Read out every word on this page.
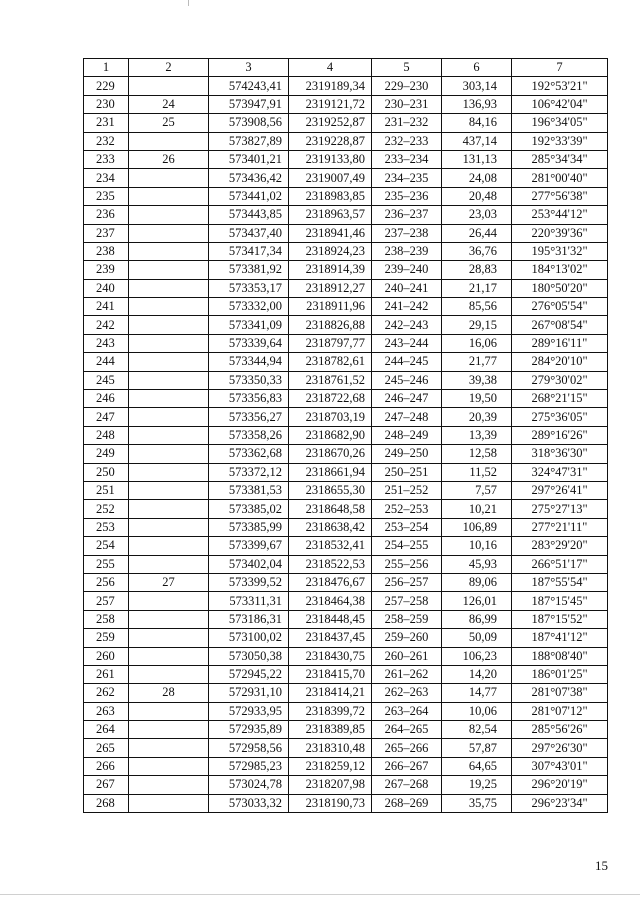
1	2	3	4	5	6	7
229		574243,41	2319189,34	229–230	303,14	192°53'21"
230	24	573947,91	2319121,72	230–231	136,93	106°42'04"
231	25	573908,56	2319252,87	231–232	84,16	196°34'05"
232		573827,89	2319228,87	232–233	437,14	192°33'39"
233	26	573401,21	2319133,80	233–234	131,13	285°34'34"
234		573436,42	2319007,49	234–235	24,08	281°00'40"
235		573441,02	2318983,85	235–236	20,48	277°56'38"
236		573443,85	2318963,57	236–237	23,03	253°44'12"
237		573437,40	2318941,46	237–238	26,44	220°39'36"
238		573417,34	2318924,23	238–239	36,76	195°31'32"
239		573381,92	2318914,39	239–240	28,83	184°13'02"
240		573353,17	2318912,27	240–241	21,17	180°50'20"
241		573332,00	2318911,96	241–242	85,56	276°05'54"
242		573341,09	2318826,88	242–243	29,15	267°08'54"
243		573339,64	2318797,77	243–244	16,06	289°16'11"
244		573344,94	2318782,61	244–245	21,77	284°20'10"
245		573350,33	2318761,52	245–246	39,38	279°30'02"
246		573356,83	2318722,68	246–247	19,50	268°21'15"
247		573356,27	2318703,19	247–248	20,39	275°36'05"
248		573358,26	2318682,90	248–249	13,39	289°16'26"
249		573362,68	2318670,26	249–250	12,58	318°36'30"
250		573372,12	2318661,94	250–251	11,52	324°47'31"
251		573381,53	2318655,30	251–252	7,57	297°26'41"
252		573385,02	2318648,58	252–253	10,21	275°27'13"
253		573385,99	2318638,42	253–254	106,89	277°21'11"
254		573399,67	2318532,41	254–255	10,16	283°29'20"
255		573402,04	2318522,53	255–256	45,93	266°51'17"
256	27	573399,52	2318476,67	256–257	89,06	187°55'54"
257		573311,31	2318464,38	257–258	126,01	187°15'45"
258		573186,31	2318448,45	258–259	86,99	187°15'52"
259		573100,02	2318437,45	259–260	50,09	187°41'12"
260		573050,38	2318430,75	260–261	106,23	188°08'40"
261		572945,22	2318415,70	261–262	14,20	186°01'25"
262	28	572931,10	2318414,21	262–263	14,77	281°07'38"
263		572933,95	2318399,72	263–264	10,06	281°07'12"
264		572935,89	2318389,85	264–265	82,54	285°56'26"
265		572958,56	2318310,48	265–266	57,87	297°26'30"
266		572985,23	2318259,12	266–267	64,65	307°43'01"
267		573024,78	2318207,98	267–268	19,25	296°20'19"
268		573033,32	2318190,73	268–269	35,75	296°23'34"
15
